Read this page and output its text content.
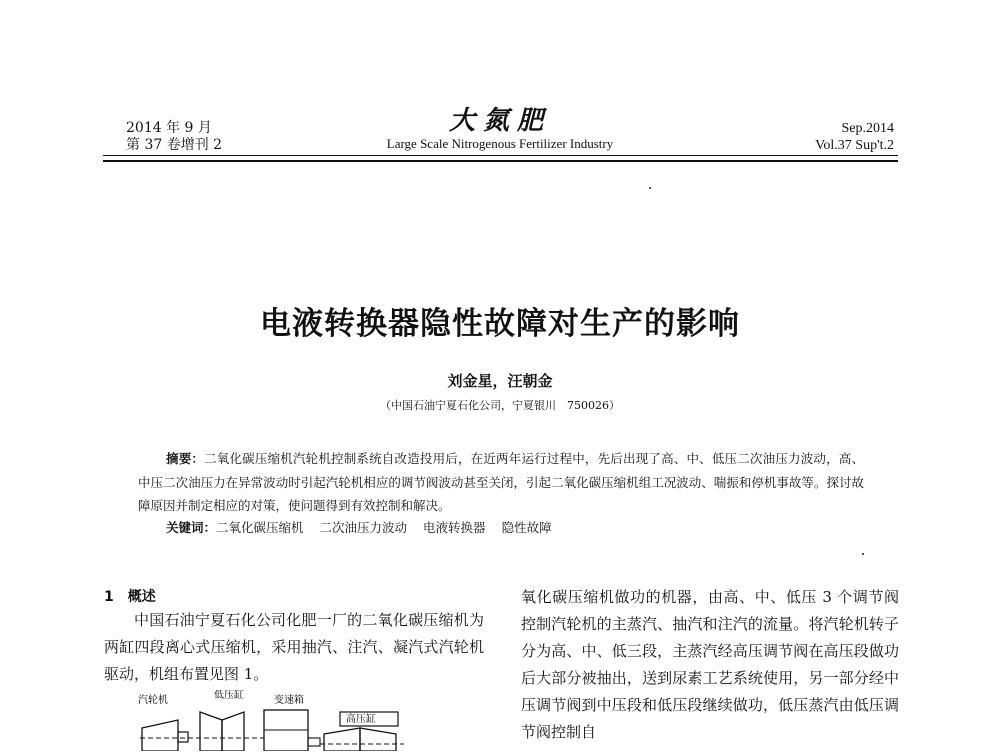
2014 年 9 月
第 37 卷增刊 2
大氮肥
Large Scale Nitrogenous Fertilizer Industry
Sep.2014
Vol.37 Sup't.2
电液转换器隐性故障对生产的影响
刘金星，汪朝金
（中国石油宁夏石化公司，宁夏银川　750026）
摘要：二氧化碳压缩机汽轮机控制系统自改造投用后，在近两年运行过程中，先后出现了高、中、低压二次油压力波动，高、中压二次油压力在异常波动时引起汽轮机相应的调节阀波动甚至关闭，引起二氧化碳压缩机组工况波动、喘振和停机事故等。探讨故障原因并制定相应的对策，使问题得到有效控制和解决。
关键词：二氧化碳压缩机 二次油压力波动 电液转换器 隐性故障
1　概述
中国石油宁夏石化公司化肥一厂的二氧化碳压缩机为两缸四段离心式压缩机，采用抽汽、注汽、凝汽式汽轮机驱动，机组布置见图 1。
氧化碳压缩机做功的机器，由高、中、低压 3 个调节阀控制汽轮机的主蒸汽、抽汽和注汽的流量。将汽轮机转子分为高、中、低三段，主蒸汽经高压调节阀在高压段做功后大部分被抽出，送到尿素工艺系统使用，另一部分经中压调节阀到中压段和低压段继续做功，低压蒸汽由低压调节阀控制自
汽轮机	低压缸	变速箱
高压缸
